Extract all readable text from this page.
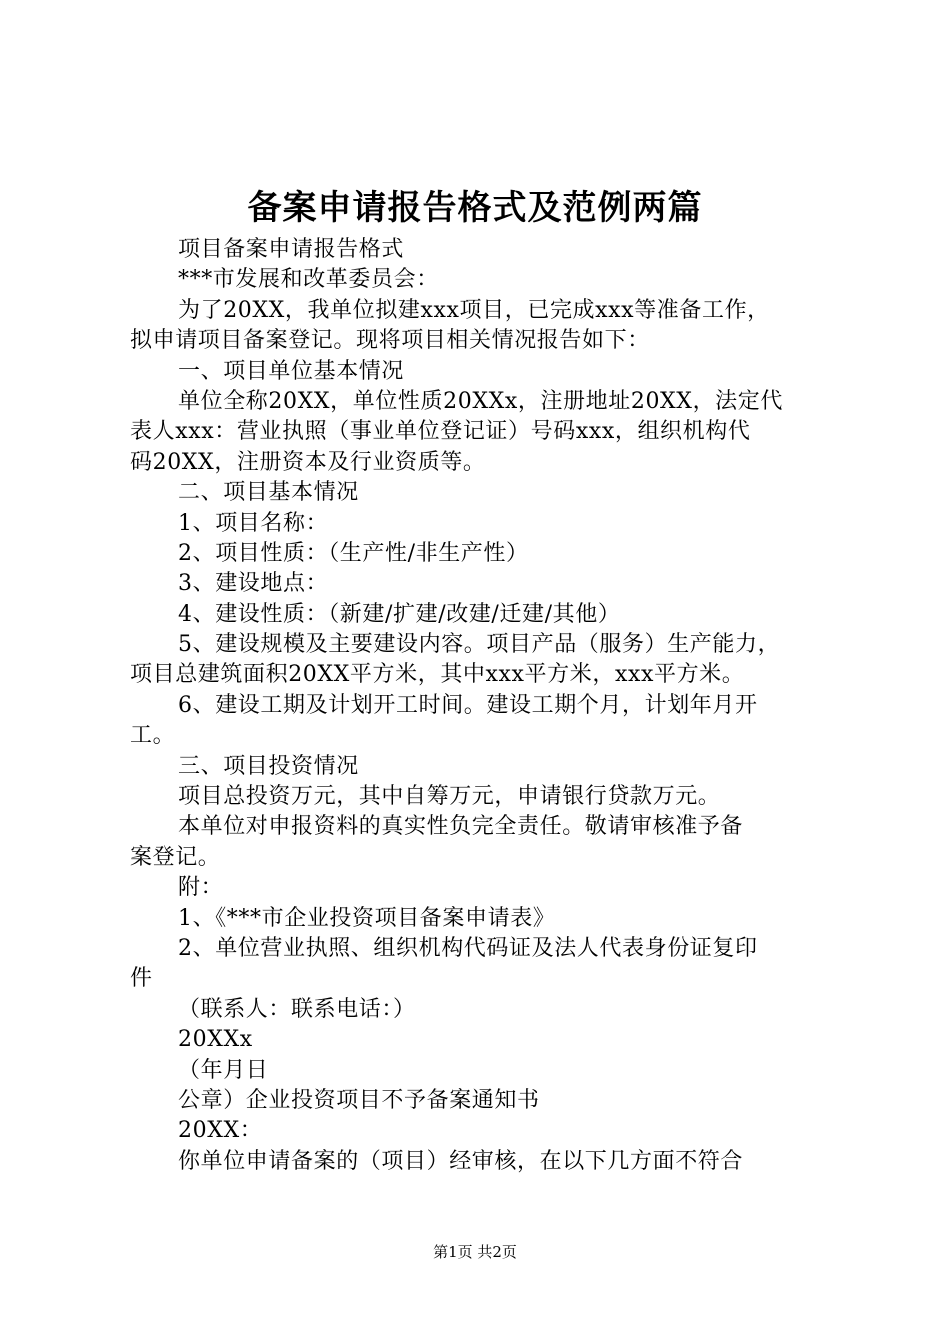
备案申请报告格式及范例两篇
项目备案申请报告格式
***市发展和改革委员会：
为了20XX，我单位拟建xxx项目，已完成xxx等准备工作，
拟申请项目备案登记。现将项目相关情况报告如下：
一、项目单位基本情况
单位全称20XX，单位性质20XXx，注册地址20XX，法定代
表人xxx：营业执照（事业单位登记证）号码xxx，组织机构代
码20XX，注册资本及行业资质等。
二、项目基本情况
1、项目名称：
2、项目性质：（生产性/非生产性）
3、建设地点：
4、建设性质：（新建/扩建/改建/迁建/其他）
5、建设规模及主要建设内容。项目产品（服务）生产能力，
项目总建筑面积20XX平方米，其中xxx平方米，xxx平方米。
6、建设工期及计划开工时间。建设工期个月，计划年月开
工。
三、项目投资情况
项目总投资万元，其中自筹万元，申请银行贷款万元。
本单位对申报资料的真实性负完全责任。敬请审核准予备
案登记。
附：
1、《***市企业投资项目备案申请表》
2、单位营业执照、组织机构代码证及法人代表身份证复印
件
（联系人：联系电话：）
20XXx
（年月日
公章）企业投资项目不予备案通知书
20XX：
你单位申请备案的（项目）经审核，在以下几方面不符合
第1页 共2页
